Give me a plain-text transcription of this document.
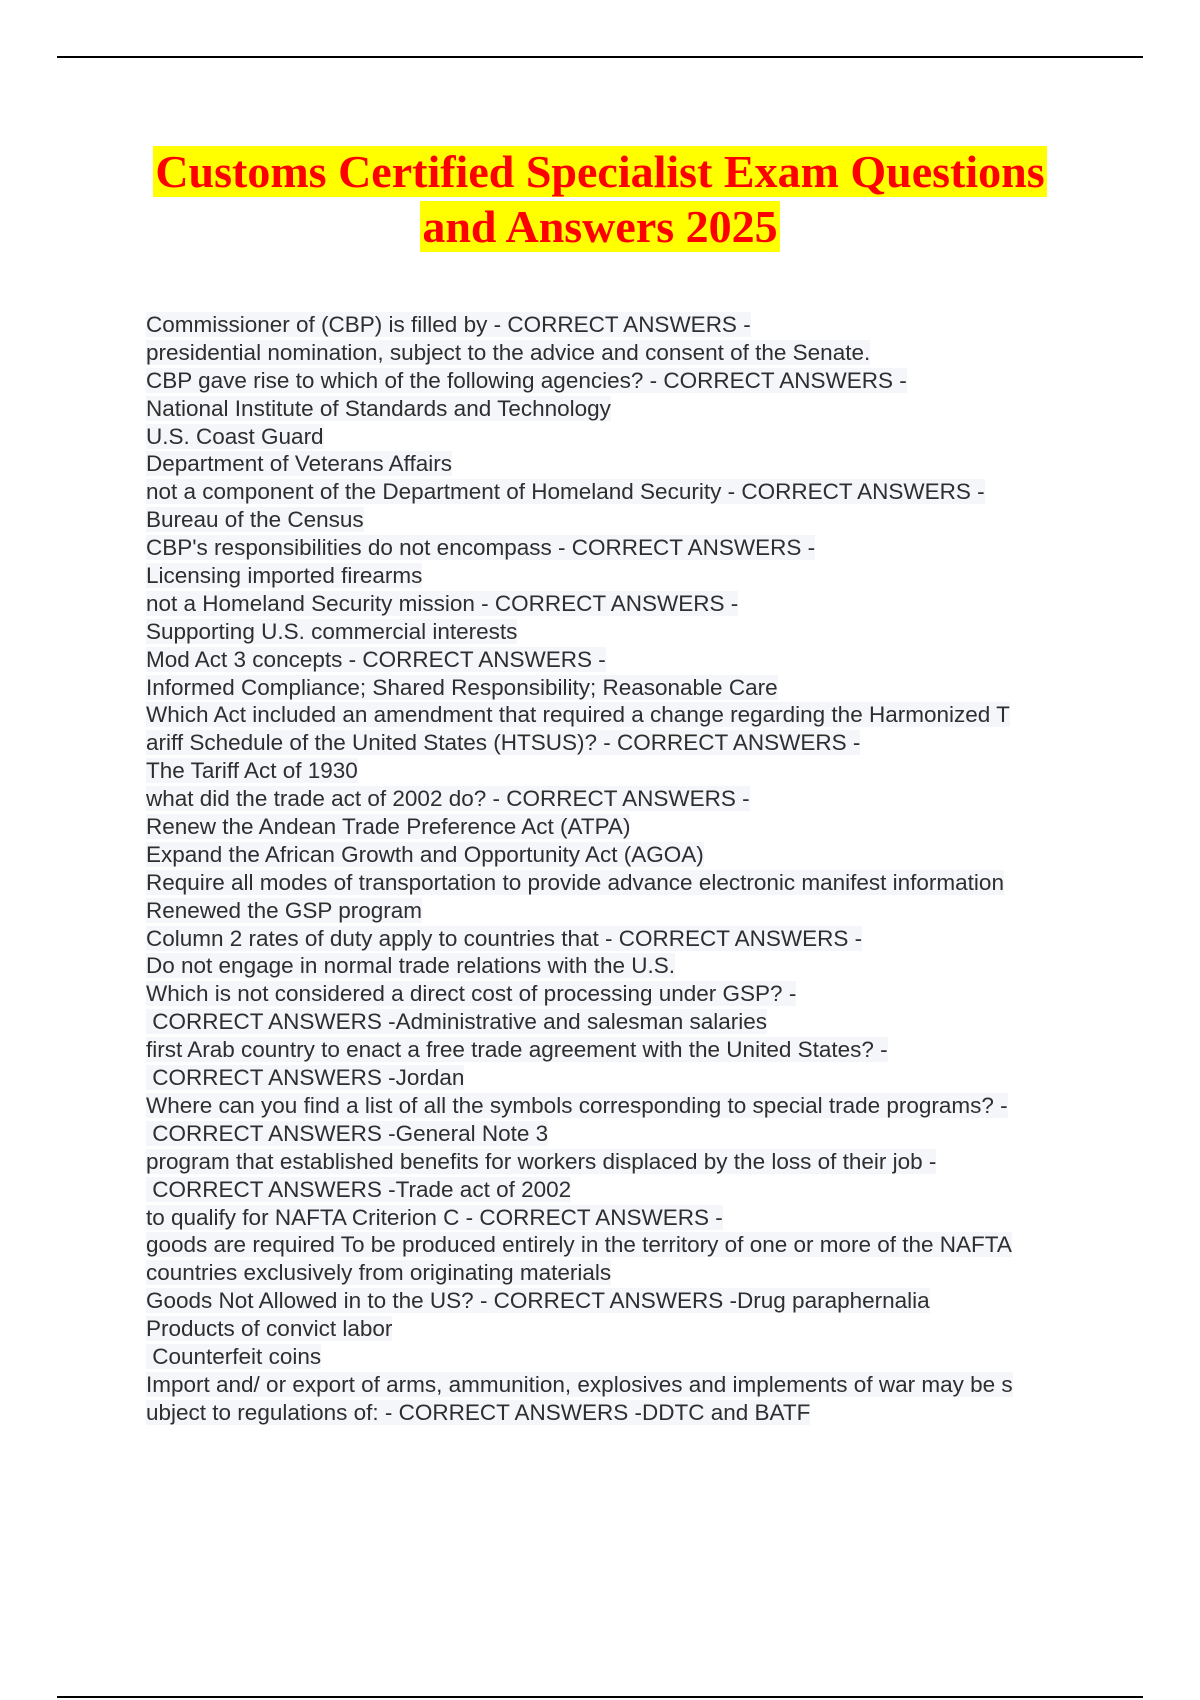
Customs Certified Specialist Exam Questions
and Answers 2025
Commissioner of (CBP) is filled by - CORRECT ANSWERS -
presidential nomination, subject to the advice and consent of the Senate.
CBP gave rise to which of the following agencies? - CORRECT ANSWERS -
National Institute of Standards and Technology
U.S. Coast Guard
Department of Veterans Affairs
not a component of the Department of Homeland Security - CORRECT ANSWERS -
Bureau of the Census
CBP's responsibilities do not encompass - CORRECT ANSWERS -
Licensing imported firearms
not a Homeland Security mission - CORRECT ANSWERS -
Supporting U.S. commercial interests
Mod Act 3 concepts - CORRECT ANSWERS -
Informed Compliance; Shared Responsibility; Reasonable Care
Which Act included an amendment that required a change regarding the Harmonized T
ariff Schedule of the United States (HTSUS)? - CORRECT ANSWERS -
The Tariff Act of 1930
what did the trade act of 2002 do? - CORRECT ANSWERS -
Renew the Andean Trade Preference Act (ATPA)
Expand the African Growth and Opportunity Act (AGOA)
Require all modes of transportation to provide advance electronic manifest information
Renewed the GSP program
Column 2 rates of duty apply to countries that - CORRECT ANSWERS -
Do not engage in normal trade relations with the U.S.
Which is not considered a direct cost of processing under GSP? -
CORRECT ANSWERS -Administrative and salesman salaries
first Arab country to enact a free trade agreement with the United States? -
CORRECT ANSWERS -Jordan
Where can you find a list of all the symbols corresponding to special trade programs? -
CORRECT ANSWERS -General Note 3
program that established benefits for workers displaced by the loss of their job -
CORRECT ANSWERS -Trade act of 2002
to qualify for NAFTA Criterion C - CORRECT ANSWERS -
goods are required To be produced entirely in the territory of one or more of the NAFTA
countries exclusively from originating materials
Goods Not Allowed in to the US? - CORRECT ANSWERS -Drug paraphernalia
Products of convict labor
Counterfeit coins
Import and/ or export of arms, ammunition, explosives and implements of war may be s
ubject to regulations of: - CORRECT ANSWERS -DDTC and BATF
